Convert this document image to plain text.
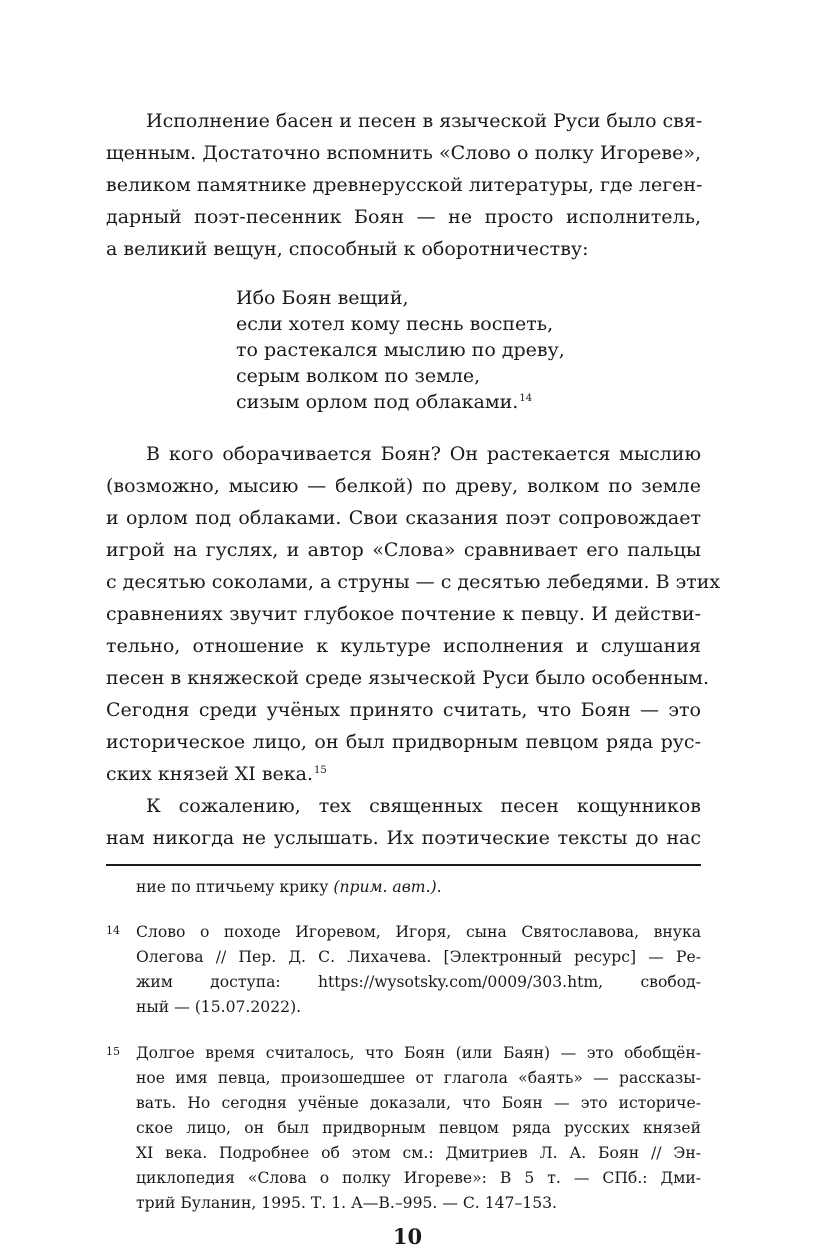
Исполнение басен и песен в языческой Руси было свя-
щенным. Достаточно вспомнить «Слово о полку Игореве»,
великом памятнике древнерусской литературы, где леген-
дарный поэт-песенник Боян — не просто исполнитель,
а великий вещун, способный к оборотничеству:
Ибо Боян вещий,
если хотел кому песнь воспеть,
то растекался мыслию по древу,
серым волком по земле,
сизым орлом под облаками.$^{14}$
В кого оборачивается Боян? Он растекается мыслию
(возможно, мысию — белкой) по древу, волком по земле
и орлом под облаками. Свои сказания поэт сопровождает
игрой на гуслях, и автор «Слова» сравнивает его пальцы
с десятью соколами, а струны — с десятью лебедями. В этих
сравнениях звучит глубокое почтение к певцу. И действи-
тельно, отношение к культуре исполнения и слушания
песен в княжеской среде языческой Руси было особенным.
Сегодня среди учёных принято считать, что Боян — это
историческое лицо, он был придворным певцом ряда рус-
ских князей XI века.$^{15}$
К сожалению, тех священных песен кощунников
нам никогда не услышать. Их поэтические тексты до нас
ние по птичьему крику (прим. авт.).
14 Слово о походе Игоревом, Игоря, сына Святославова, внука
Олегова // Пер. Д. С. Лихачева. [Электронный ресурс] — Ре-
жим доступа: https://wysotsky.com/0009/303.htm, свобод-
ный — (15.07.2022).
15 Долгое время считалось, что Боян (или Баян) — это обобщён-
ное имя певца, произошедшее от глагола «баять» — рассказы-
вать. Но сегодня учёные доказали, что Боян — это историче-
ское лицо, он был придворным певцом ряда русских князей
XI века. Подробнее об этом см.: Дмитриев Л. А. Боян // Эн-
циклопедия «Слова о полку Игореве»: В 5 т. — СПб.: Дми-
трий Буланин, 1995. Т. 1. А—В.–995. — С. 147–153.
10
